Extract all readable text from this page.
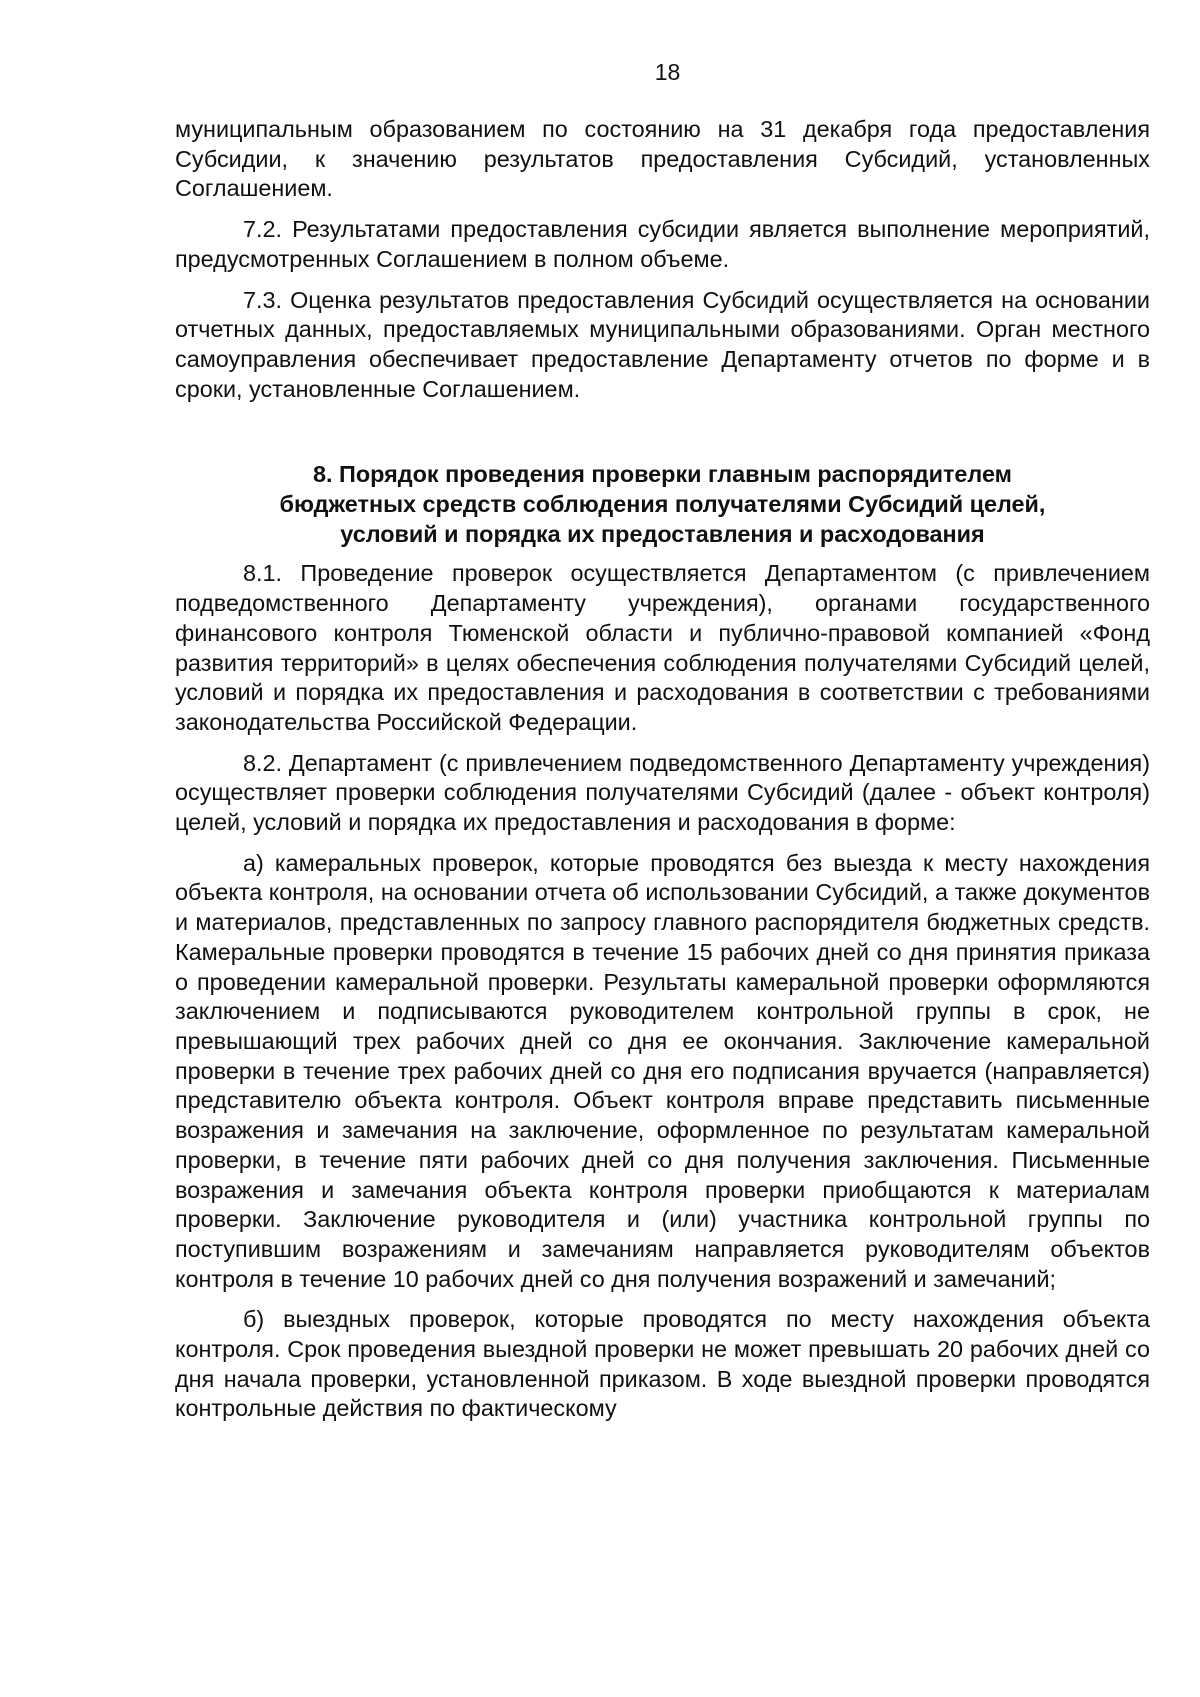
18

муниципальным образованием по состоянию на 31 декабря года предоставления Субсидии, к значению результатов предоставления Субсидий, установленных Соглашением.

7.2. Результатами предоставления субсидии является выполнение мероприятий, предусмотренных Соглашением в полном объеме.

7.3. Оценка результатов предоставления Субсидий осуществляется на основании отчетных данных, предоставляемых муниципальными образованиями. Орган местного самоуправления обеспечивает предоставление Департаменту отчетов по форме и в сроки, установленные Соглашением.

8. Порядок проведения проверки главным распорядителем
бюджетных средств соблюдения получателями Субсидий целей,
условий и порядка их предоставления и расходования

8.1. Проведение проверок осуществляется Департаментом (с привлечением подведомственного Департаменту учреждения), органами государственного финансового контроля Тюменской области и публично-правовой компанией «Фонд развития территорий» в целях обеспечения соблюдения получателями Субсидий целей, условий и порядка их предоставления и расходования в соответствии с требованиями законодательства Российской Федерации.

8.2. Департамент (с привлечением подведомственного Департаменту учреждения) осуществляет проверки соблюдения получателями Субсидий (далее - объект контроля) целей, условий и порядка их предоставления и расходования в форме:

а) камеральных проверок, которые проводятся без выезда к месту нахождения объекта контроля, на основании отчета об использовании Субсидий, а также документов и материалов, представленных по запросу главного распорядителя бюджетных средств. Камеральные проверки проводятся в течение 15 рабочих дней со дня принятия приказа о проведении камеральной проверки. Результаты камеральной проверки оформляются заключением и подписываются руководителем контрольной группы в срок, не превышающий трех рабочих дней со дня ее окончания. Заключение камеральной проверки в течение трех рабочих дней со дня его подписания вручается (направляется) представителю объекта контроля. Объект контроля вправе представить письменные возражения и замечания на заключение, оформленное по результатам камеральной проверки, в течение пяти рабочих дней со дня получения заключения. Письменные возражения и замечания объекта контроля проверки приобщаются к материалам проверки. Заключение руководителя и (или) участника контрольной группы по поступившим возражениям и замечаниям направляется руководителям объектов контроля в течение 10 рабочих дней со дня получения возражений и замечаний;

б) выездных проверок, которые проводятся по месту нахождения объекта контроля. Срок проведения выездной проверки не может превышать 20 рабочих дней со дня начала проверки, установленной приказом. В ходе выездной проверки проводятся контрольные действия по фактическому
